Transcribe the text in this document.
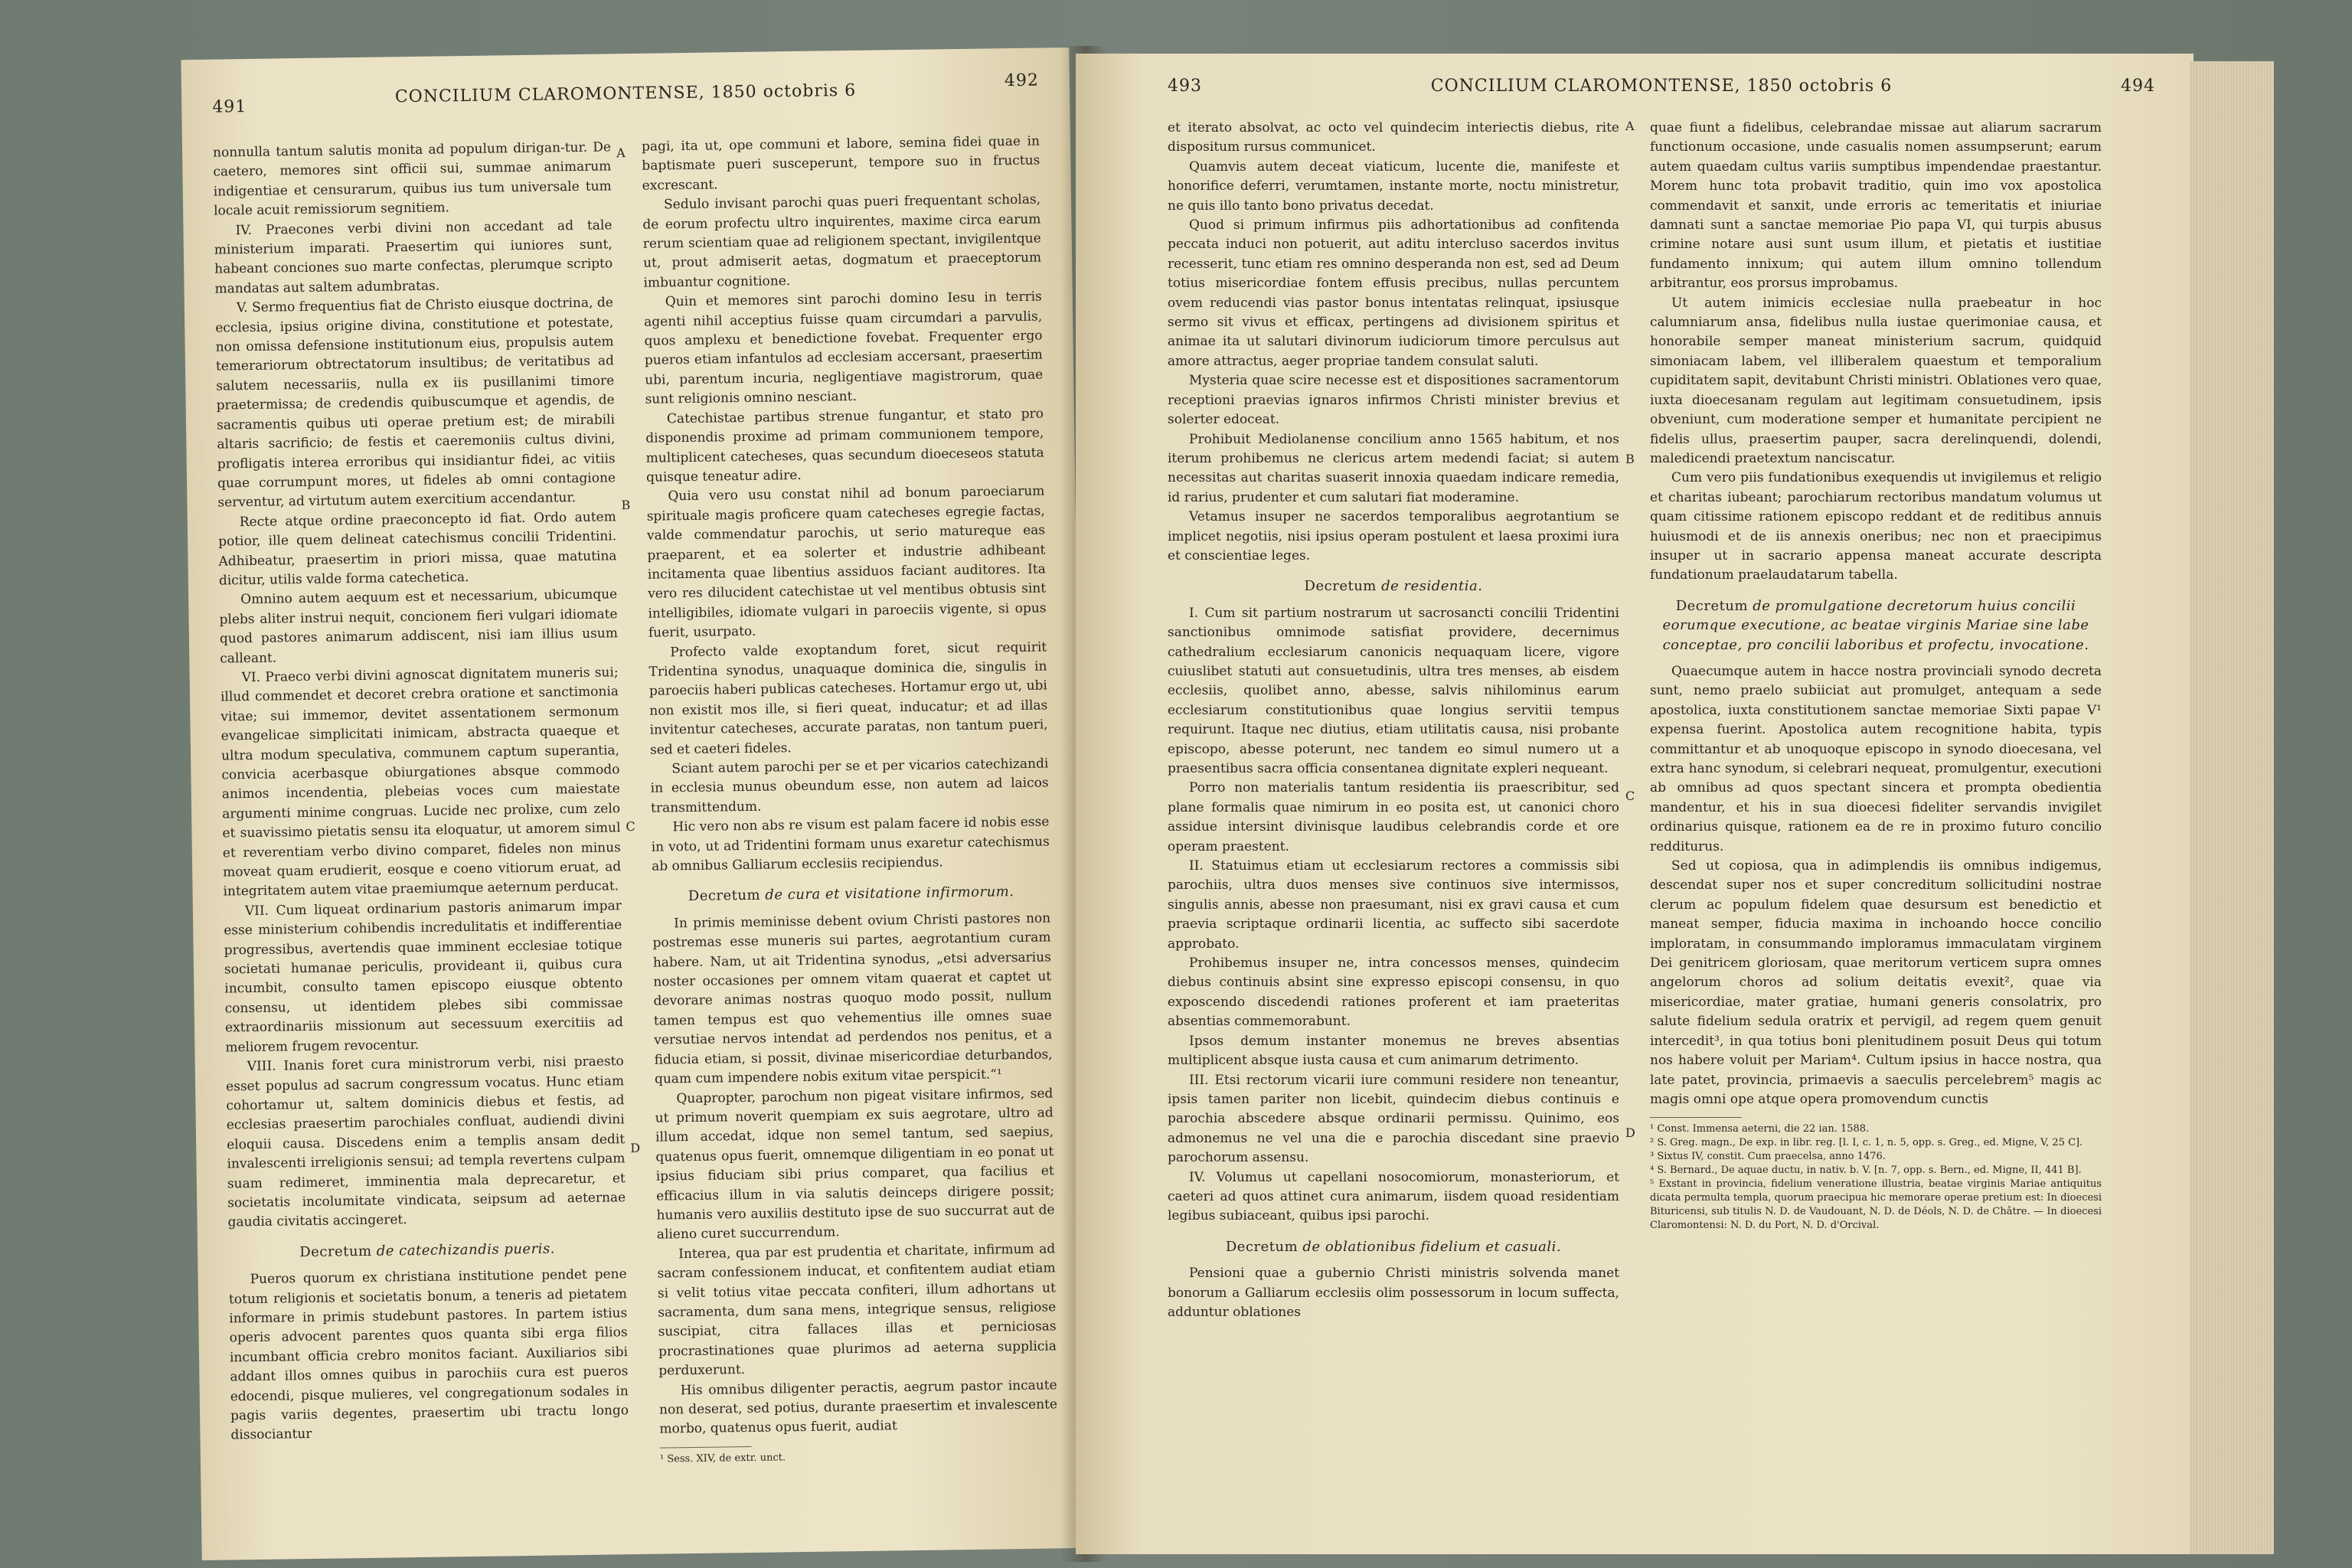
491
CONCILIUM CLAROMONTENSE, 1850 octobris 6
492

nonnulla tantum salutis monita ad populum dirigan-tur. De caetero, memores sint officii sui, summae animarum indigentiae et censurarum, quibus ius tum universale tum locale acuit remissiorum segnitiem.

IV. Praecones verbi divini non accedant ad tale ministerium imparati. Praesertim qui iuniores sunt, habeant conciones suo marte confectas, plerumque scripto mandatas aut saltem adumbratas.

V. Sermo frequentius fiat de Christo eiusque doctrina, de ecclesia, ipsius origine divina, constitutione et potestate, non omissa defensione institutionum eius, propulsis autem temerariorum obtrectatorum insultibus; de veritatibus ad salutem necessariis, nulla ex iis pusillanimi timore praetermissa; de credendis quibuscumque et agendis, de sacramentis quibus uti operae pretium est; de mirabili altaris sacrificio; de festis et caeremoniis cultus divini, profligatis interea erroribus qui insidiantur fidei, ac vitiis quae corrumpunt mores, ut fideles ab omni contagione serventur, ad virtutum autem exercitium accendantur.

Recte atque ordine praeconcepto id fiat. Ordo autem potior, ille quem delineat catechismus concilii Tridentini. Adhibeatur, praesertim in priori missa, quae matutina dicitur, utilis valde forma catechetica.

Omnino autem aequum est et necessarium, ubicumque plebs aliter instrui nequit, concionem fieri vulgari idiomate quod pastores animarum addiscent, nisi iam illius usum calleant.

VI. Praeco verbi divini agnoscat dignitatem muneris sui; illud commendet et decoret crebra oratione et sanctimonia vitae; sui immemor, devitet assentationem sermonum evangelicae simplicitati inimicam, abstracta quaeque et ultra modum speculativa, communem captum superantia, convicia acerbasque obiurgationes absque commodo animos incendentia, plebeias voces cum maiestate argumenti minime congruas. Lucide nec prolixe, cum zelo et suavissimo pietatis sensu ita eloquatur, ut amorem simul et reverentiam verbo divino comparet, fideles non minus moveat quam erudierit, eosque e coeno vitiorum eruat, ad integritatem autem vitae praemiumque aeternum perducat.

VII. Cum liqueat ordinarium pastoris animarum impar esse ministerium cohibendis incredulitatis et indifferentiae progressibus, avertendis quae imminent ecclesiae totique societati humanae periculis, provideant ii, quibus cura incumbit, consulto tamen episcopo eiusque obtento consensu, ut identidem plebes sibi commissae extraordinariis missionum aut secessuum exercitiis ad meliorem frugem revocentur.

VIII. Inanis foret cura ministrorum verbi, nisi praesto esset populus ad sacrum congressum vocatus. Hunc etiam cohortamur ut, saltem dominicis diebus et festis, ad ecclesias praesertim parochiales confluat, audiendi divini eloquii causa. Discedens enim a templis ansam dedit invalescenti irreligionis sensui; ad templa revertens culpam suam redimeret, imminentia mala deprecaretur, et societatis incolumitate vindicata, seipsum ad aeternae gaudia civitatis accingeret.

Decretum de catechizandis pueris.

Pueros quorum ex christiana institutione pendet pene totum religionis et societatis bonum, a teneris ad pietatem informare in primis studebunt pastores. In partem istius operis advocent parentes quos quanta sibi erga filios incumbant officia crebro monitos faciant. Auxiliarios sibi addant illos omnes quibus in parochiis cura est pueros edocendi, pisque mulieres, vel congregationum sodales in pagis variis degentes, praesertim ubi tractu longo dissociantur

pagi, ita ut, ope communi et labore, semina fidei quae in baptismate pueri susceperunt, tempore suo in fructus excrescant.

Sedulo invisant parochi quas pueri frequentant scholas, de eorum profectu ultro inquirentes, maxime circa earum rerum scientiam quae ad religionem spectant, invigilentque ut, prout admiserit aetas, dogmatum et praeceptorum imbuantur cognitione.

Quin et memores sint parochi domino Iesu in terris agenti nihil acceptius fuisse quam circumdari a parvulis, quos amplexu et benedictione fovebat. Frequenter ergo pueros etiam infantulos ad ecclesiam accersant, praesertim ubi, parentum incuria, negligentiave magistrorum, quae sunt religionis omnino nesciant.

Catechistae partibus strenue fungantur, et stato pro disponendis proxime ad primam communionem tempore, multiplicent catecheses, quas secundum dioeceseos statuta quisque teneatur adire.

Quia vero usu constat nihil ad bonum paroeciarum spirituale magis proficere quam catecheses egregie factas, valde commendatur parochis, ut serio matureque eas praeparent, et ea solerter et industrie adhibeant incitamenta quae libentius assiduos faciant auditores. Ita vero res dilucident catechistae ut vel mentibus obtusis sint intelligibiles, idiomate vulgari in paroeciis vigente, si opus fuerit, usurpato.

Profecto valde exoptandum foret, sicut requirit Tridentina synodus, unaquaque dominica die, singulis in paroeciis haberi publicas catecheses. Hortamur ergo ut, ubi non existit mos ille, si fieri queat, inducatur; et ad illas invitentur catecheses, accurate paratas, non tantum pueri, sed et caeteri fideles.

Sciant autem parochi per se et per vicarios catechizandi in ecclesia munus obeundum esse, non autem ad laicos transmittendum.

Hic vero non abs re visum est palam facere id nobis esse in voto, ut ad Tridentini formam unus exaretur catechismus ab omnibus Galliarum ecclesiis recipiendus.

Decretum de cura et visitatione infirmorum.

In primis meminisse debent ovium Christi pastores non postremas esse muneris sui partes, aegrotantium curam habere. Nam, ut ait Tridentina synodus, „etsi adversarius noster occasiones per omnem vitam quaerat et captet ut devorare animas nostras quoquo modo possit, nullum tamen tempus est quo vehementius ille omnes suae versutiae nervos intendat ad perdendos nos penitus, et a fiducia etiam, si possit, divinae misericordiae deturbandos, quam cum impendere nobis exitum vitae perspicit.“¹

Quapropter, parochum non pigeat visitare infirmos, sed ut primum noverit quempiam ex suis aegrotare, ultro ad illum accedat, idque non semel tantum, sed saepius, quatenus opus fuerit, omnemque diligentiam in eo ponat ut ipsius fiduciam sibi prius comparet, qua facilius et efficacius illum in via salutis deinceps dirigere possit; humanis vero auxiliis destituto ipse de suo succurrat aut de alieno curet succurrendum.

Interea, qua par est prudentia et charitate, infirmum ad sacram confessionem inducat, et confitentem audiat etiam si velit totius vitae peccata confiteri, illum adhortans ut sacramenta, dum sana mens, integrique sensus, religiose suscipiat, citra fallaces illas et perniciosas procrastinationes quae plurimos ad aeterna supplicia perduxerunt.

His omnibus diligenter peractis, aegrum pastor incaute non deserat, sed potius, durante praesertim et invalescente morbo, quatenus opus fuerit, audiat

¹ Sess. XIV, de extr. unct.
A
B
C
D
493	CONCILIUM CLAROMONTENSE, 1850 octobris 6	494

et iterato absolvat, ac octo vel quindecim interiectis diebus, rite dispositum rursus communicet.

Quamvis autem deceat viaticum, lucente die, manifeste et honorifice deferri, verumtamen, instante morte, noctu ministretur, ne quis illo tanto bono privatus decedat.

Quod si primum infirmus piis adhortationibus ad confitenda peccata induci non potuerit, aut aditu interclusо sacerdos invitus recesserit, tunc etiam res omnino desperanda non est, sed ad Deum totius misericordiae fontem effusis precibus, nullas percuntem ovem reducendi vias pastor bonus intentatas relinquat, ipsiusque sermo sit vivus et efficax, pertingens ad divisionem spiritus et animae ita ut salutari divinorum iudiciorum timore perculsus aut amore attractus, aeger propriae tandem consulat saluti.

Mysteria quae scire necesse est et dispositiones sacramentorum receptioni praevias ignaros infirmos Christi minister brevius et solerter edoceat.

Prohibuit Mediolanense concilium anno 1565 habitum, et nos iterum prohibemus ne clericus artem medendi faciat; si autem necessitas aut charitas suaserit innoxia quaedam indicare remedia, id rarius, prudenter et cum salutari fiat moderamine.

Vetamus insuper ne sacerdos temporalibus aegrotantium se implicet negotiis, nisi ipsius operam postulent et laesa proximi iura et conscientiae leges.

Decretum de residentia.

I. Cum sit partium nostrarum ut sacrosancti concilii Tridentini sanctionibus omnimode satisfiat providere, decernimus cathedralium ecclesiarum canonicis nequaquam licere, vigore cuiuslibet statuti aut consuetudinis, ultra tres menses, ab eisdem ecclesiis, quolibet anno, abesse, salvis nihilominus earum ecclesiarum constitutionibus quae longius servitii tempus requirunt. Itaque nec diutius, etiam utilitatis causa, nisi probante episcopo, abesse poterunt, nec tandem eo simul numero ut a praesentibus sacra officia consentanea dignitate expleri nequeant.

Porro non materialis tantum residentia iis praescribitur, sed plane formalis quae nimirum in eo posita est, ut canonici choro assidue intersint divinisque laudibus celebrandis corde et ore operam praestent.

II. Statuimus etiam ut ecclesiarum rectores a commissis sibi parochiis, ultra duos menses sive continuos sive intermissos, singulis annis, abesse non praesumant, nisi ex gravi causa et cum praevia scriptaque ordinarii licentia, ac suffecto sibi sacerdote approbato.

Prohibemus insuper ne, intra concessos menses, quindecim diebus continuis absint sine expresso episcopi consensu, in quo exposcendo discedendi rationes proferent et iam praeteritas absentias commemorabunt.

Ipsos demum instanter monemus ne breves absentias multiplicent absque iusta causa et cum animarum detrimento.

III. Etsi rectorum vicarii iure communi residere non teneantur, ipsis tamen pariter non licebit, quindecim diebus continuis e parochia abscedere absque ordinarii permissu. Quinimo, eos admonemus ne vel una die e parochia discedant sine praevio parochorum assensu.

IV. Volumus ut capellani nosocomiorum, monasteriorum, et caeteri ad quos attinet cura animarum, iisdem quoad residentiam legibus subiaceant, quibus ipsi parochi.

Decretum de oblationibus fidelium et casuali.

Pensioni quae a gubernio Christi ministris solvenda manet bonorum a Galliarum ecclesiis olim possessorum in locum suffecta, adduntur oblationes

quae fiunt a fidelibus, celebrandae missae aut aliarum sacrarum functionum occasione, unde casualis nomen assumpserunt; earum autem quaedam cultus variis sumptibus impendendae praestantur. Morem hunc tota probavit traditio, quin imo vox apostolica commendavit et sanxit, unde erroris ac temeritatis et iniuriae damnati sunt a sanctae memoriae Pio papa VI, qui turpis abusus crimine notare ausi sunt usum illum, et pietatis et iustitiae fundamento innixum; qui autem illum omnino tollendum arbitrantur, eos prorsus improbamus.

Ut autem inimicis ecclesiae nulla praebeatur in hoc calumniarum ansa, fidelibus nulla iustae querimoniae causa, et honorabile semper maneat ministerium sacrum, quidquid simoniacam labem, vel illiberalem quaestum et temporalium cupiditatem sapit, devitabunt Christi ministri. Oblationes vero quae, iuxta dioecesanam regulam aut legitimam consuetudinem, ipsis obveniunt, cum moderatione semper et humanitate percipient ne fidelis ullus, praesertim pauper, sacra derelinquendi, dolendi, maledicendi praetextum nanciscatur.

Cum vero piis fundationibus exequendis ut invigilemus et religio et charitas iubeant; parochiarum rectoribus mandatum volumus ut quam citissime rationem episcopo reddant et de reditibus annuis huiusmodi et de iis annexis oneribus; nec non et praecipimus insuper ut in sacrario appensa maneat accurate descripta fundationum praelaudatarum tabella.

Decretum de promulgatione decretorum huius concilii eorumque executione, ac beatae virginis Mariae sine labe conceptae, pro concilii laboribus et profectu, invocatione.

Quaecumque autem in hacce nostra provinciali synodo decreta sunt, nemo praelo subiiciat aut promulget, antequam a sede apostolica, iuxta constitutionem sanctae memoriae Sixti papae V¹ expensa fuerint. Apostolica autem recognitione habita, typis committantur et ab unoquoque episcopo in synodo dioecesana, vel extra hanc synodum, si celebrari nequeat, promulgentur, executioni ab omnibus ad quos spectant sincera et prompta obedientia mandentur, et his in sua dioecesi fideliter servandis invigilet ordinarius quisque, rationem ea de re in proximo futuro concilio redditurus.

Sed ut copiosa, qua in adimplendis iis omnibus indigemus, descendat super nos et super concreditum sollicitudini nostrae clerum ac populum fidelem quae desursum est benedictio et maneat semper, fiducia maxima in inchoando hocce concilio imploratam, in consummando imploramus immaculatam virginem Dei genitricem gloriosam, quae meritorum verticem supra omnes angelorum choros ad solium deitatis evexit², quae via misericordiae, mater gratiae, humani generis consolatrix, pro salute fidelium sedula oratrix et pervigil, ad regem quem genuit intercedit³, in qua totius boni plenitudinem posuit Deus qui totum nos habere voluit per Mariam⁴. Cultum ipsius in hacce nostra, qua late patet, provincia, primaevis a saeculis percelebrem⁵ magis ac magis omni ope atque opera promovendum cunctis

¹ Const. Immensa aeterni, die 22 ian. 1588.
² S. Greg. magn., De exp. in libr. reg. [l. I, c. 1, n. 5, opp. s. Greg., ed. Migne, V, 25 C].
³ Sixtus IV, constit. Cum praecelsa, anno 1476.
⁴ S. Bernard., De aquae ductu, in nativ. b. V. [n. 7, opp. s. Bern., ed. Migne, II, 441 B].
⁵ Exstant in provincia, fidelium veneratione illustria, beatae virginis Mariae antiquitus dicata permulta templa, quorum praecipua hic memorare operae pretium est: In dioecesi Bituricensi, sub titulis N. D. de Vaudouant, N. D. de Déols, N. D. de Châtre. — In dioecesi Claromontensi: N. D. du Port, N. D. d'Orcival.
A
B
C
D
